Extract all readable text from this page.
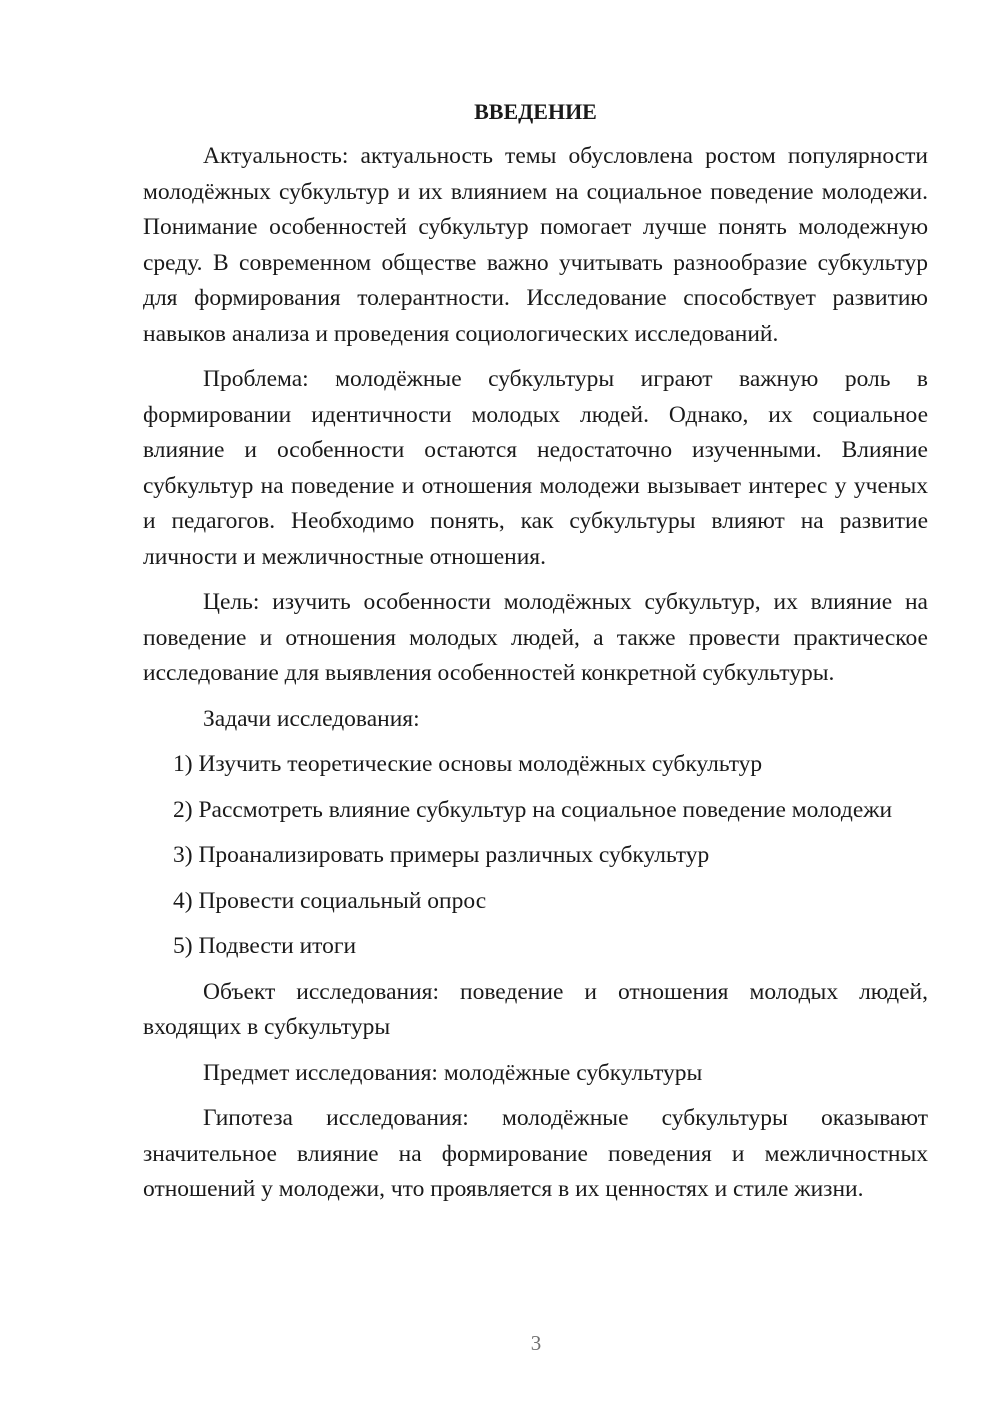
ВВЕДЕНИЕ

Актуальность: актуальность темы обусловлена ростом популярности молодёжных субкультур и их влиянием на социальное поведение молодежи. Понимание особенностей субкультур помогает лучше понять молодежную среду. В современном обществе важно учитывать разнообразие субкультур для формирования толерантности. Исследование способствует развитию навыков анализа и проведения социологических исследований.

Проблема: молодёжные субкультуры играют важную роль в формировании идентичности молодых людей. Однако, их социальное влияние и особенности остаются недостаточно изученными. Влияние субкультур на поведение и отношения молодежи вызывает интерес у ученых и педагогов. Необходимо понять, как субкультуры влияют на развитие личности и межличностные отношения.

Цель: изучить особенности молодёжных субкультур, их влияние на поведение и отношения молодых людей, а также провести практическое исследование для выявления особенностей конкретной субкультуры.

Задачи исследования:

1) Изучить теоретические основы молодёжных субкультур

2) Рассмотреть влияние субкультур на социальное поведение молодежи

3) Проанализировать примеры различных субкультур

4) Провести социальный опрос

5) Подвести итоги

Объект исследования: поведение и отношения молодых людей, входящих в субкультуры

Предмет исследования: молодёжные субкультуры

Гипотеза исследования: молодёжные субкультуры оказывают значительное влияние на формирование поведения и межличностных отношений у молодежи, что проявляется в их ценностях и стиле жизни.

3
